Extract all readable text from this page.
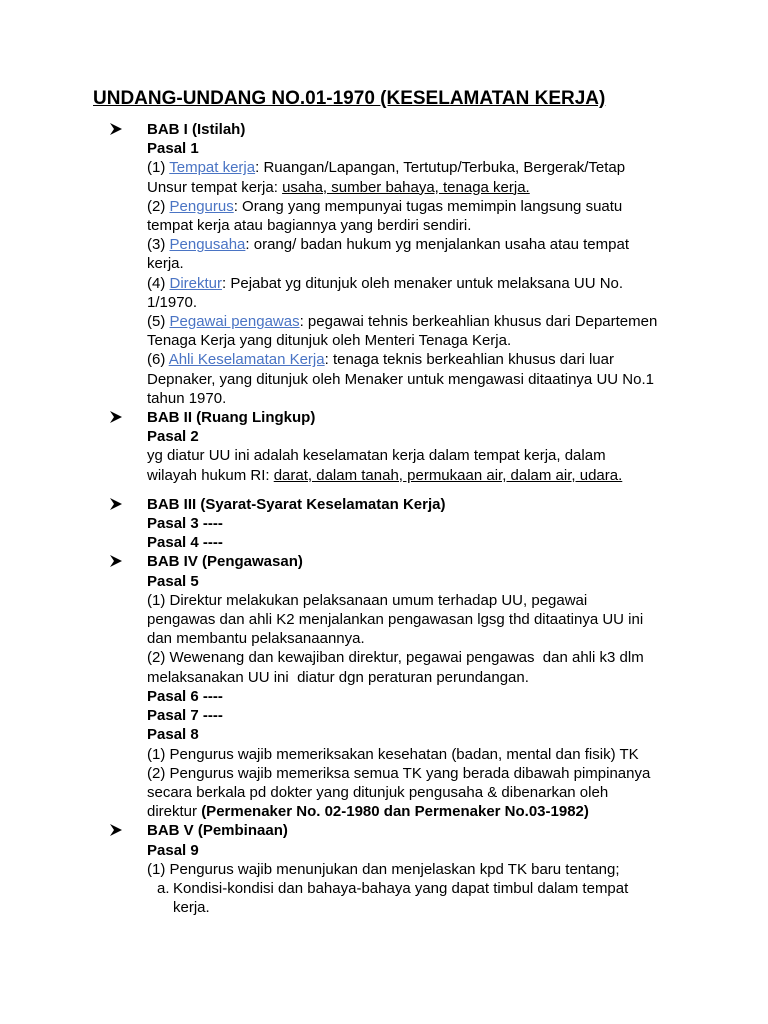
UNDANG-UNDANG NO.01-1970 (KESELAMATAN KERJA)
BAB I (Istilah)
Pasal 1
(1) Tempat kerja: Ruangan/Lapangan, Tertutup/Terbuka, Bergerak/Tetap
Unsur tempat kerja: usaha, sumber bahaya, tenaga kerja.
(2) Pengurus: Orang yang mempunyai tugas memimpin langsung suatu
tempat kerja atau bagiannya yang berdiri sendiri.
(3) Pengusaha: orang/ badan hukum yg menjalankan usaha atau tempat
kerja.
(4) Direktur: Pejabat yg ditunjuk oleh menaker untuk melaksana UU No.
1/1970.
(5) Pegawai pengawas: pegawai tehnis berkeahlian khusus dari Departemen
Tenaga Kerja yang ditunjuk oleh Menteri Tenaga Kerja.
(6) Ahli Keselamatan Kerja: tenaga teknis berkeahlian khusus dari luar
Depnaker, yang ditunjuk oleh Menaker untuk mengawasi ditaatinya UU No.1
tahun 1970.
BAB II (Ruang Lingkup)
Pasal 2
yg diatur UU ini adalah keselamatan kerja dalam tempat kerja, dalam
wilayah hukum RI: darat, dalam tanah, permukaan air, dalam air, udara.
BAB III (Syarat-Syarat Keselamatan Kerja)
Pasal 3 ----
Pasal 4 ----
BAB IV (Pengawasan)
Pasal 5
(1) Direktur melakukan pelaksanaan umum terhadap UU, pegawai
pengawas dan ahli K2 menjalankan pengawasan lgsg thd ditaatinya UU ini
dan membantu pelaksanaannya.
(2) Wewenang dan kewajiban direktur, pegawai pengawas  dan ahli k3 dlm
melaksanakan UU ini  diatur dgn peraturan perundangan.
Pasal 6 ----
Pasal 7 ----
Pasal 8
(1) Pengurus wajib memeriksakan kesehatan (badan, mental dan fisik) TK
(2) Pengurus wajib memeriksa semua TK yang berada dibawah pimpinanya
secara berkala pd dokter yang ditunjuk pengusaha & dibenarkan oleh
direktur (Permenaker No. 02-1980 dan Permenaker No.03-1982)
BAB V (Pembinaan)
Pasal 9
(1) Pengurus wajib menunjukan dan menjelaskan kpd TK baru tentang;
a. Kondisi-kondisi dan bahaya-bahaya yang dapat timbul dalam tempat
kerja.
